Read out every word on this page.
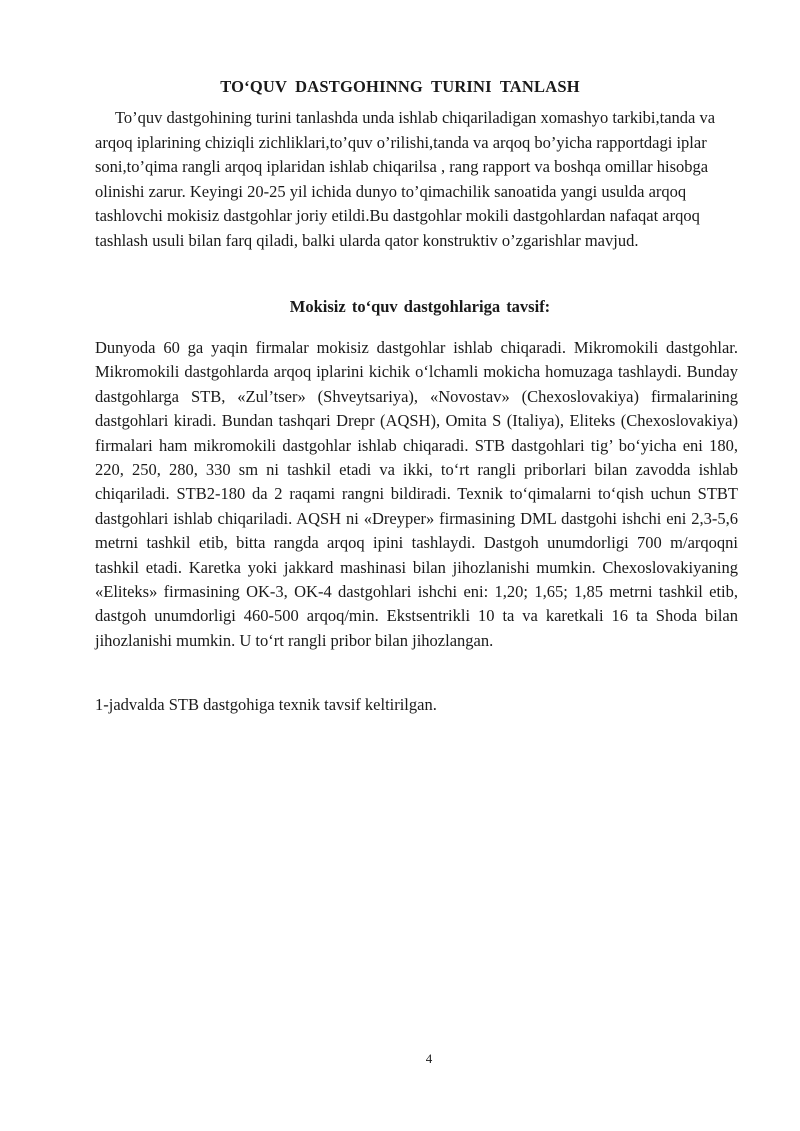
TO‘QUV DASTGOHINNG TURINI TANLASH

To’quv dastgohining turini tanlashda unda ishlab chiqariladigan xomashyo tarkibi,tanda va arqoq iplarining chiziqli zichliklari,to’quv o’rilishi,tanda va arqoq bo’yicha rapportdagi iplar soni,to’qima rangli arqoq iplaridan ishlab chiqarilsa , rang rapport va boshqa omillar hisobga olinishi zarur. Keyingi 20-25 yil ichida dunyo to’qimachilik sanoatida yangi usulda arqoq tashlovchi mokisiz dastgohlar joriy etildi.Bu dastgohlar mokili dastgohlardan nafaqat arqoq tashlash usuli bilan farq qiladi, balki ularda qator konstruktiv o’zgarishlar mavjud.

Mokisiz to‘quv dastgohlariga tavsif:

Dunyoda 60 ga yaqin firmalar mokisiz dastgohlar ishlab chiqaradi. Mikromokili dastgohlar. Mikromokili dastgohlarda arqoq iplarini kichik o‘lchamli mokicha homuzaga tashlaydi. Bunday dastgohlarga STB, «Zul’tser» (Shveytsariya), «Novostav» (Chexoslovakiya) firmalarining dastgohlari kiradi. Bundan tashqari Drepr (AQSH), Omita S (Italiya), Eliteks (Chexoslovakiya) firmalari ham mikromokili dastgohlar ishlab chiqaradi. STB dastgohlari tig’ bo‘yicha eni 180, 220, 250, 280, 330 sm ni tashkil etadi va ikki, to‘rt rangli priborlari bilan zavodda ishlab chiqariladi. STB2-180 da 2 raqami rangni bildiradi. Texnik to‘qimalarni to‘qish uchun STBT dastgohlari ishlab chiqariladi. AQSH ni «Dreyper» firmasining DML dastgohi ishchi eni 2,3-5,6 metrni tashkil etib, bitta rangda arqoq ipini tashlaydi. Dastgoh unumdorligi 700 m/arqoqni tashkil etadi. Karetka yoki jakkard mashinasi bilan jihozlanishi mumkin. Chexoslovakiyaning «Eliteks» firmasining OK-3, OK-4 dastgohlari ishchi eni: 1,20; 1,65; 1,85 metrni tashkil etib, dastgoh unumdorligi 460-500 arqoq/min. Ekstsentrikli 10 ta va karetkali 16 ta Shoda bilan jihozlanishi mumkin. U to‘rt rangli pribor bilan jihozlangan.

1-jadvalda STB dastgohiga texnik tavsif keltirilgan.

4
